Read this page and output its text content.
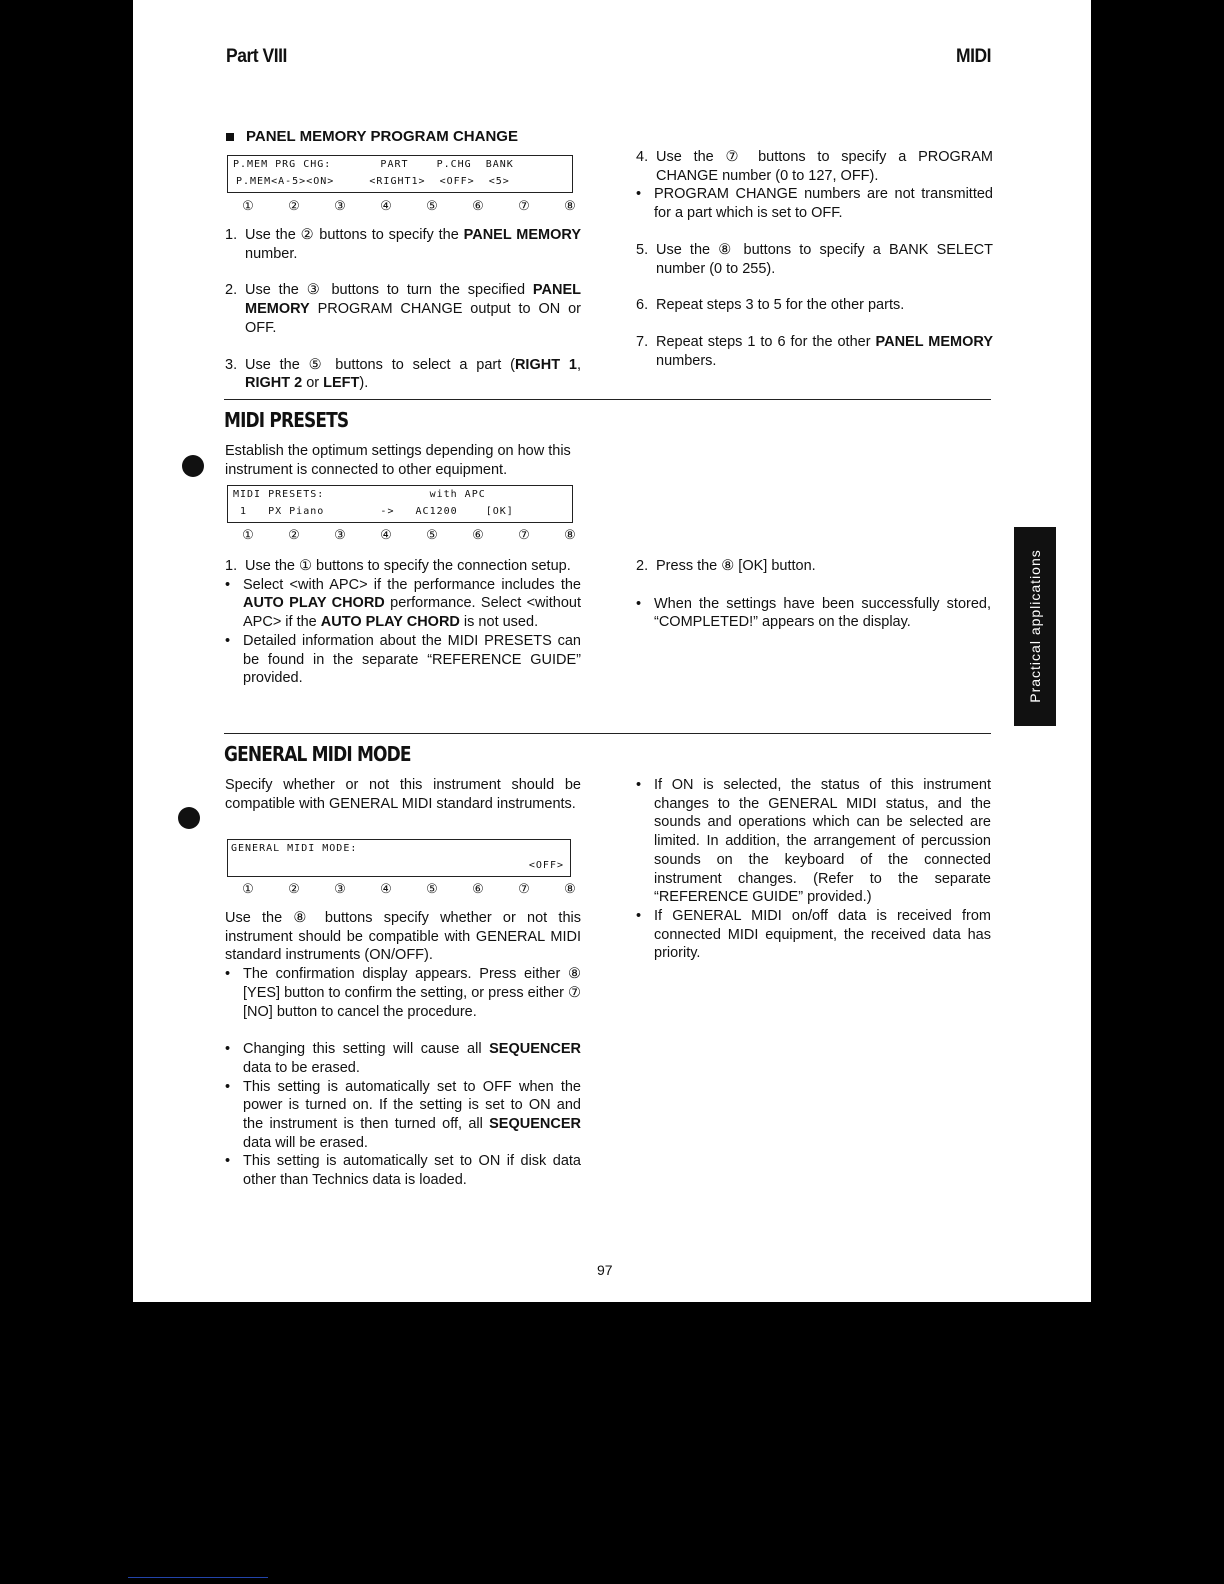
Part VIII	MIDI
PANEL MEMORY PROGRAM CHANGE
P.MEM PRG CHG:       PART    P.CHG  BANK
P.MEM<A-5><ON>     <RIGHT1>  <OFF>  <5>
①	②	③	④	⑤	⑥	⑦	⑧
1. Use the ② buttons to specify the PANEL MEMORY number.
2. Use the ③ buttons to turn the specified PANEL MEMORY PROGRAM CHANGE output to ON or OFF.
3. Use the ⑤ buttons to select a part (RIGHT 1, RIGHT 2 or LEFT).
4. Use the ⑦ buttons to specify a PROGRAM CHANGE number (0 to 127, OFF).
• PROGRAM CHANGE numbers are not transmitted for a part which is set to OFF.
5. Use the ⑧ buttons to specify a BANK SELECT number (0 to 255).
6. Repeat steps 3 to 5 for the other parts.
7. Repeat steps 1 to 6 for the other PANEL MEMORY numbers.
MIDI PRESETS
Establish the optimum settings depending on how this instrument is connected to other equipment.
MIDI PRESETS:               with APC
1   PX Piano        ->   AC1200    [OK]
①	②	③	④	⑤	⑥	⑦	⑧
1. Use the ① buttons to specify the connection setup.
• Select <with APC> if the performance includes the AUTO PLAY CHORD performance. Select <without APC> if the AUTO PLAY CHORD is not used.
• Detailed information about the MIDI PRESETS can be found in the separate “REFERENCE GUIDE” provided.
2. Press the ⑧ [OK] button.
• When the settings have been successfully stored, “COMPLETED!” appears on the display.
GENERAL MIDI MODE
Specify whether or not this instrument should be compatible with GENERAL MIDI standard instruments.
GENERAL MIDI MODE:
<OFF>
①	②	③	④	⑤	⑥	⑦	⑧
Use the ⑧ buttons specify whether or not this instrument should be compatible with GENERAL MIDI standard instruments (ON/OFF).
• The confirmation display appears. Press either ⑧ [YES] button to confirm the setting, or press either ⑦ [NO] button to cancel the procedure.
• Changing this setting will cause all SEQUENCER data to be erased.
• This setting is automatically set to OFF when the power is turned on. If the setting is set to ON and the instrument is then turned off, all SEQUENCER data will be erased.
• This setting is automatically set to ON if disk data other than Technics data is loaded.
• If ON is selected, the status of this instrument changes to the GENERAL MIDI status, and the sounds and operations which can be selected are limited. In addition, the arrangement of percussion sounds on the keyboard of the connected instrument changes. (Refer to the separate “REFERENCE GUIDE” provided.)
• If GENERAL MIDI on/off data is received from connected MIDI equipment, the received data has priority.
Practical applications
97
